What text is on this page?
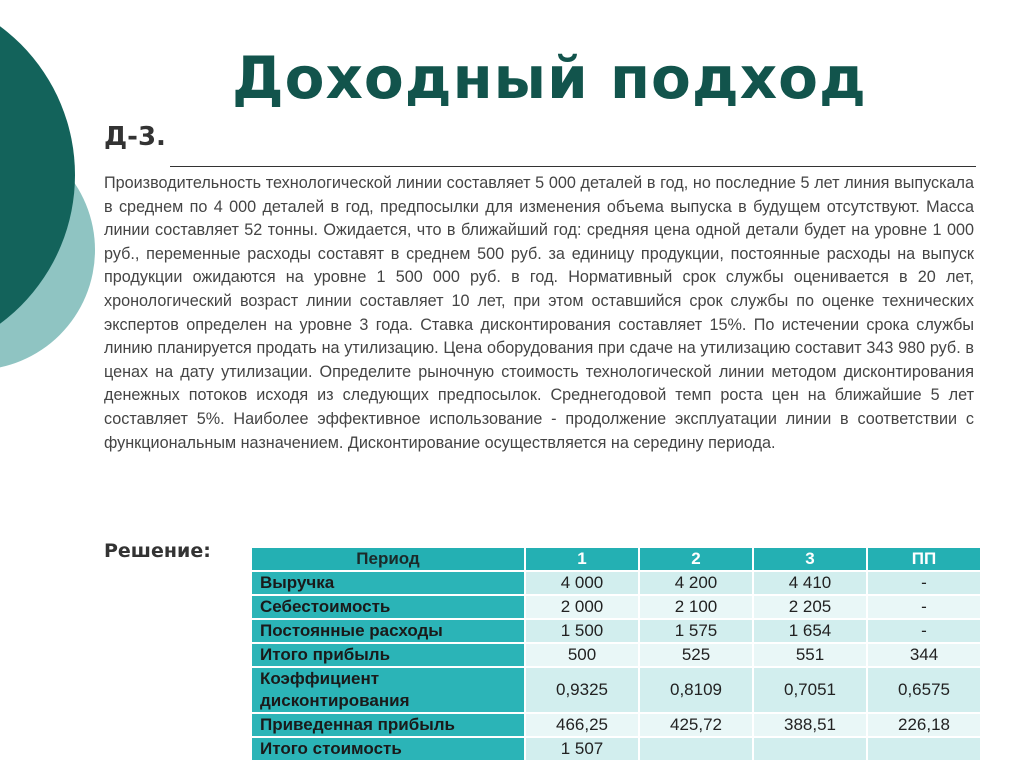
Доходный подход
Д-3.

Производительность технологической линии составляет 5 000 деталей в год, но последние 5 лет линия выпускала в среднем по 4 000 деталей в год, предпосылки для изменения объема выпуска в будущем отсутствуют. Масса линии составляет 52 тонны. Ожидается, что в ближайший год: средняя цена одной детали будет на уровне 1 000 руб., переменные расходы составят в среднем 500 руб. за единицу продукции, постоянные расходы на выпуск продукции ожидаются на уровне 1 500 000 руб. в год. Нормативный срок службы оценивается в 20 лет, хронологический возраст линии составляет 10 лет, при этом оставшийся срок службы по оценке технических экспертов определен на уровне 3 года. Ставка дисконтирования составляет 15%. По истечении срока службы линию планируется продать на утилизацию. Цена оборудования при сдаче на утилизацию составит 343 980 руб. в ценах на дату утилизации. Определите рыночную стоимость технологической линии методом дисконтирования денежных потоков исходя из следующих предпосылок. Среднегодовой темп роста цен на ближайшие 5 лет составляет 5%. Наиболее эффективное использование - продолжение эксплуатации линии в соответствии с функциональным назначением. Дисконтирование осуществляется на середину периода.

Решение:	Период	1	2	3	ПП
Выручка	4 000	4 200	4 410	-
Себестоимость	2 000	2 100	2 205	-
Постоянные расходы	1 500	1 575	1 654	-
Итого прибыль	500	525	551	344
Коэффициент дисконтирования	0,9325	0,8109	0,7051	0,6575
Приведенная прибыль	466,25	425,72	388,51	226,18
Итого стоимость	1 507			
